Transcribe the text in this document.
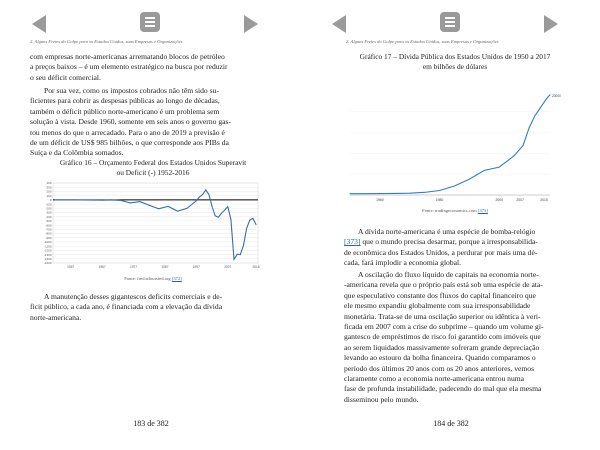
2. Alguns Fretes do Golpe para os Estados Unidos, suas Empresas e Organizações
com empresas norte-americanas arrematando blocos de petróleo
a preços baixos – é um elemento estratégico na busca por reduzir
o seu déficit comercial.
Por sua vez, como os impostos cobrados não têm sido su-
ficientes para cobrir as despesas públicas ao longo de décadas,
também o déficit público norte-americano é um problema sem
solução à vista. Desde 1960, somente em seis anos o governo gas-
tou menos do que o arrecadado. Para o ano de 2019 a previsão é
de um déficit de US$ 985 bilhões, o que corresponde aos PIBs da
Suíça e da Colômbia somados.
Gráfico 16 – Orçamento Federal dos Estados Unidos Superavit
ou Deficit (-) 1952-2016
400
300
200
100
0
-100
-200
-300
-400
-500
-600
-700
-800
-900
-1000
-1100
-1200
-1300
-1400
-1500
1957	1967	1977	1987	1997	2007	2016
Fonte: fred.stlouisfed.org [372]
A manutenção desses gigantescos deficits comerciais e de-
ficit público, a cada ano, é financiada com a elevação da dívida
norte-americana.
183 de 382
2. Alguns Fretes do Golpe para os Estados Unidos, suas Empresas e Organizações
Gráfico 17 – Dívida Pública dos Estados Unidos de 1950 a 2017
em bilhões de dólares
1960	1980	2000	2007	2015
20000
Fonte: tradingeconomics.com [373]
A dívida norte-americana é uma espécie de bomba-relógio
[373] que o mundo precisa desarmar, porque a irresponsabilida-
de econômica dos Estados Unidos, a perdurar por mais uma dé-
cada, fará implodir a economia global.
A oscilação do fluxo líquido de capitais na economia norte-
-americana revela que o próprio país está sob uma espécie de ata-
que especulativo constante dos fluxos do capital financeiro que
ele mesmo expandiu globalmente com sua irresponsabilidade
monetária. Trata-se de uma oscilação superior ou idêntica à veri-
ficada em 2007 com a crise do subprime – quando um volume gi-
gantesco de empréstimos de risco foi garantido com imóveis que
ao serem liquidados massivamente sofreram grande depreciação
levando ao estouro da bolha financeira. Quando comparamos o
período dos últimos 20 anos com os 20 anos anteriores, vemos
claramente como a economia norte-americana entrou numa
fase de profunda instabilidade, padecendo do mal que ela mesma
disseminou pelo mundo.
184 de 382
